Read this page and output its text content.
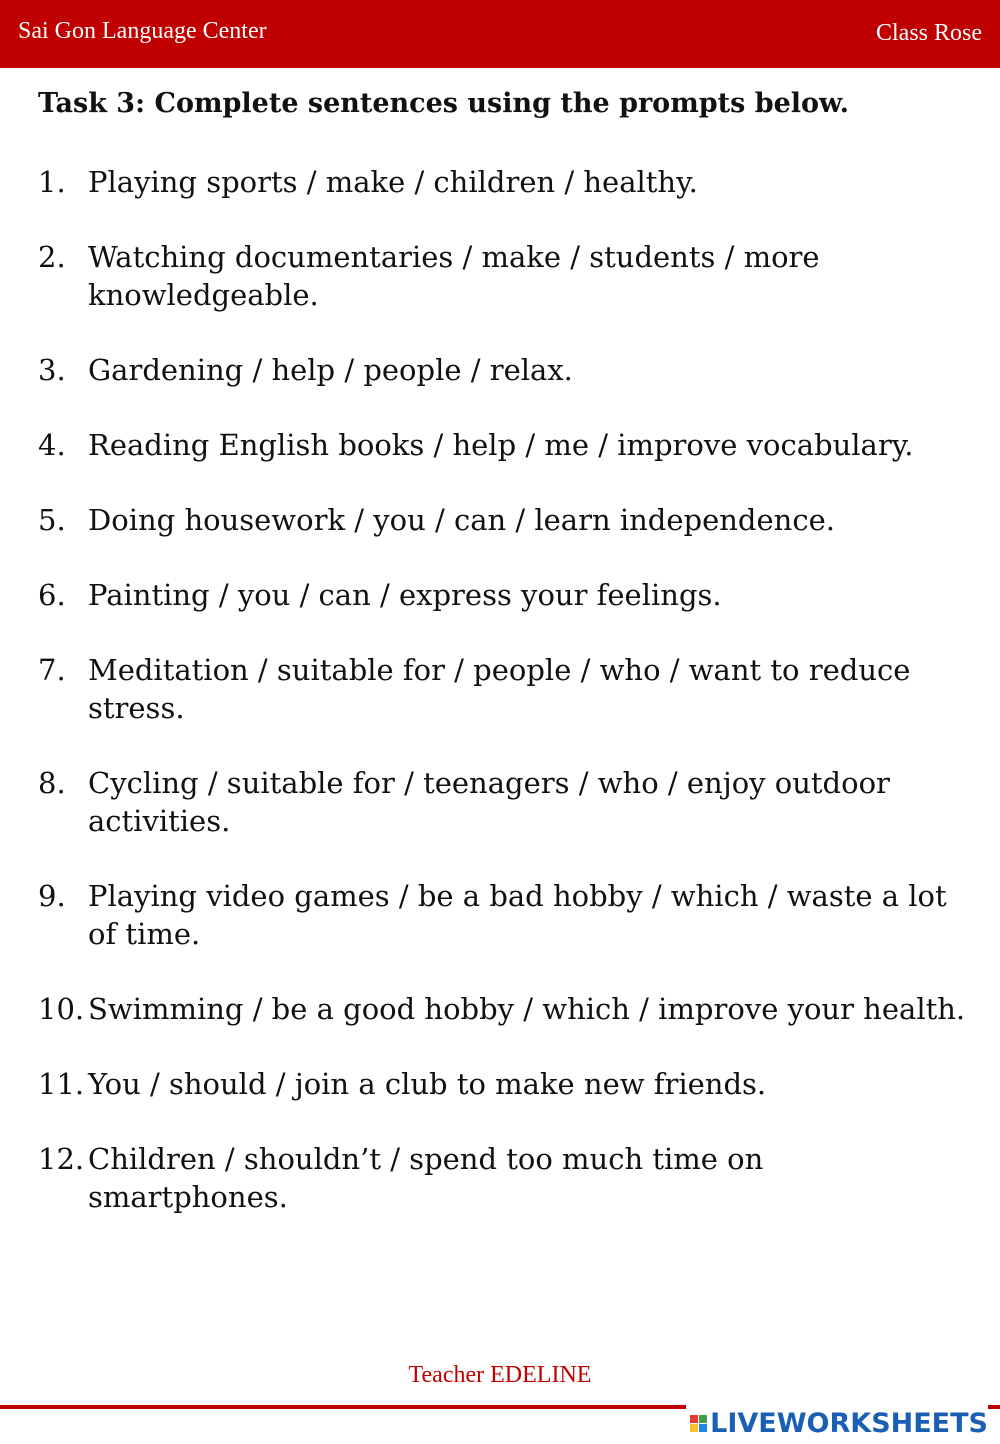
Sai Gon Language Center	Class Rose
Task 3: Complete sentences using the prompts below.
1. Playing sports / make / children / healthy.
2. Watching documentaries / make / students / more knowledgeable.
3. Gardening / help / people / relax.
4. Reading English books / help / me / improve vocabulary.
5. Doing housework / you / can / learn independence.
6. Painting / you / can / express your feelings.
7. Meditation / suitable for / people / who / want to reduce stress.
8. Cycling / suitable for / teenagers / who / enjoy outdoor activities.
9. Playing video games / be a bad hobby / which / waste a lot of time.
10. Swimming / be a good hobby / which / improve your health.
11. You / should / join a club to make new friends.
12. Children / shouldn’t / spend too much time on smartphones.
Teacher EDELINE
LIVEWORKSHEETS
